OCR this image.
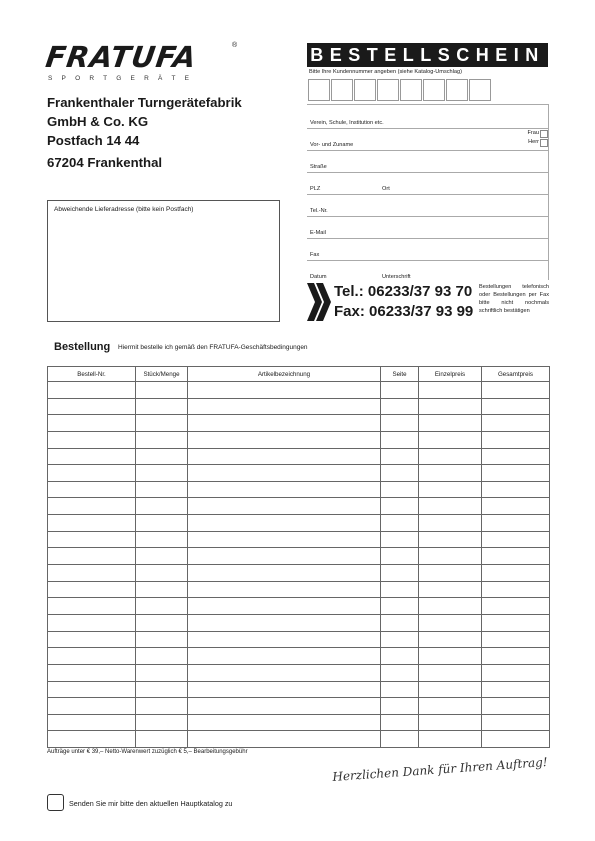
FRATUFA	®
SPORTGERÄTE
Frankenthaler Turngerätefabrik
GmbH & Co. KG
Postfach 14 44
67204 Frankenthal
Abweichende Lieferadresse (bitte kein Postfach)
BESTELLSCHEIN
Bitte Ihre Kundennummer angeben (siehe Katalog-Umschlag)
Verein, Schule, Institution etc.
Vor- und Zuname
Frau
Herr
Straße
PLZ	Ort
Tel.-Nr.
E-Mail
Fax
Datum	Unterschrift
Tel.: 06233/37 93 70
Fax: 06233/37 93 99
Bestellungen telefonisch oder Bestellungen per Fax bitte nicht nochmals schriftlich bestätigen
Bestellung Hiermit bestelle ich gemäß den FRATUFA-Geschäftsbedingungen
Bestell-Nr.	Stück/Menge	Artikelbezeichnung	Seite	Einzelpreis	Gesamtpreis

Aufträge unter € 39,– Netto-Warenwert zuzüglich € 5,– Bearbeitungsgebühr
Herzlichen Dank für Ihren Auftrag!
Senden Sie mir bitte den aktuellen Hauptkatalog zu
